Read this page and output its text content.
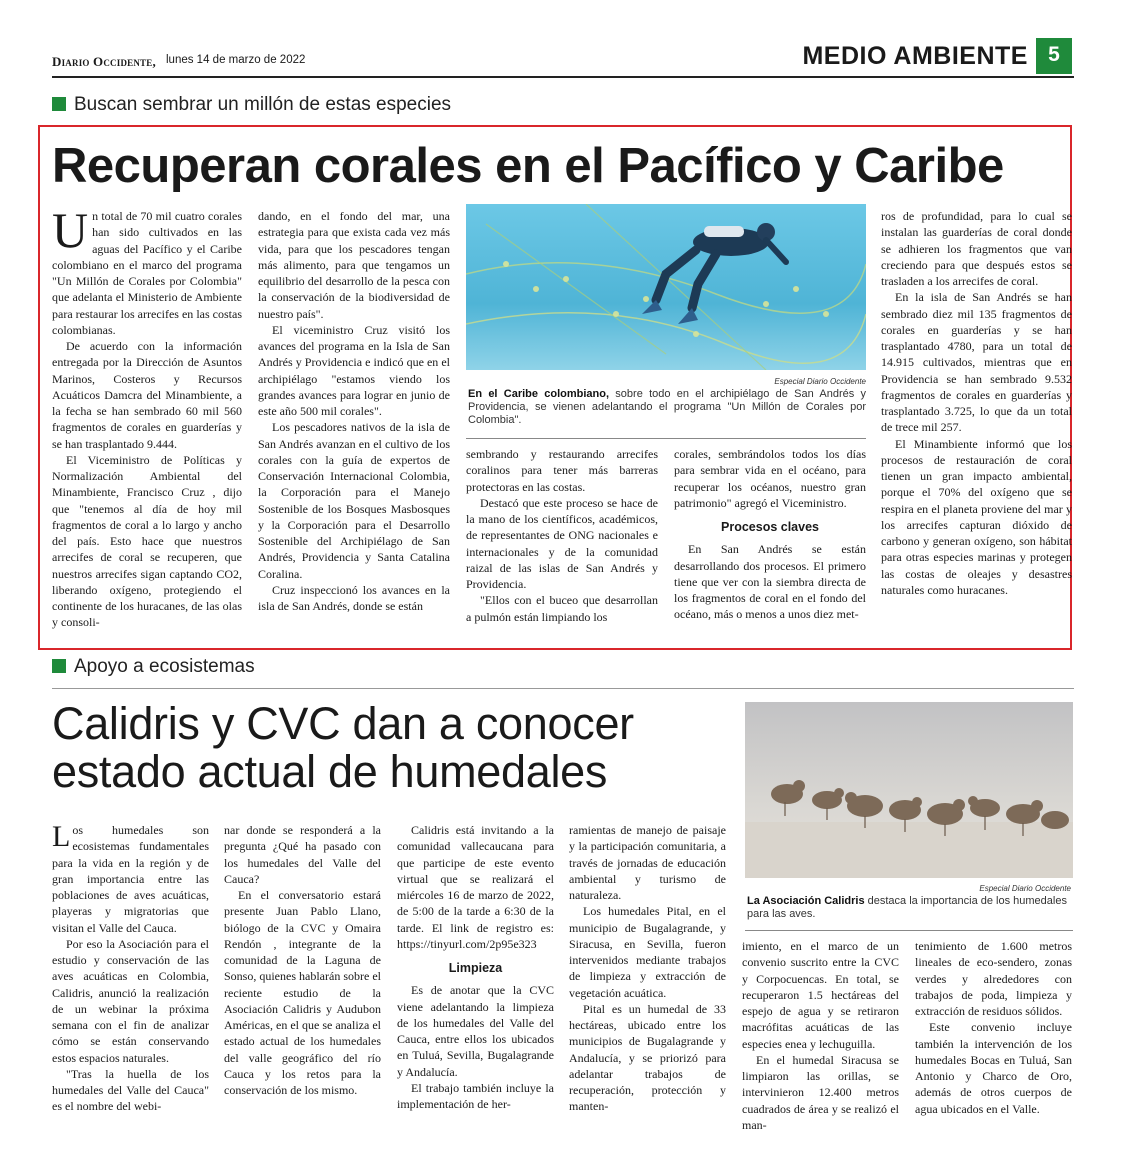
Diario Occidente, lunes 14 de marzo de 2022	MEDIO AMBIENTE 5
Buscan sembrar un millón de estas especies
Recuperan corales en el Pacífico y Caribe

Un total de 70 mil cuatro corales han sido cultivados en las aguas del Pacífico y el Caribe colombiano en el marco del programa "Un Millón de Corales por Colombia" que adelanta el Ministerio de Ambiente para restaurar los arrecifes en las costas colombianas.

De acuerdo con la información entregada por la Dirección de Asuntos Marinos, Costeros y Recursos Acuáticos Damcra del Minambiente, a la fecha se han sembrado 60 mil 560 fragmentos de corales en guarderías y se han trasplantado 9.444.

El Viceministro de Políticas y Normalización Ambiental del Minambiente, Francisco Cruz , dijo que "tenemos al día de hoy mil fragmentos de coral a lo largo y ancho del país. Esto hace que nuestros arrecifes de coral se recuperen, que nuestros arrecifes sigan captando CO2, liberando oxígeno, protegiendo el continente de los huracanes, de las olas y consoli-

dando, en el fondo del mar, una estrategia para que exista cada vez más vida, para que los pescadores tengan más alimento, para que tengamos un equilibrio del desarrollo de la pesca con la conservación de la biodiversidad de nuestro país".

El viceministro Cruz visitó los avances del programa en la Isla de San Andrés y Providencia e indicó que en el archipiélago "estamos viendo los grandes avances para lograr en junio de este año 500 mil corales".

Los pescadores nativos de la isla de San Andrés avanzan en el cultivo de los corales con la guía de expertos de Conservación Internacional Colombia, la Corporación para el Manejo Sostenible de los Bosques Masbosques y la Corporación para el Desarrollo Sostenible del Archipiélago de San Andrés, Providencia y Santa Catalina Coralina.

Cruz inspeccionó los avances en la isla de San Andrés, donde se están

Especial Diario Occidente
En el Caribe colombiano, sobre todo en el archipiélago de San Andrés y Providencia, se vienen adelantando el programa "Un Millón de Corales por Colombia".

sembrando y restaurando arrecifes coralinos para tener más barreras protectoras en las costas.

Destacó que este proceso se hace de la mano de los científicos, académicos, de representantes de ONG nacionales e internacionales y de la comunidad raizal de las islas de San Andrés y Providencia.

"Ellos con el buceo que desarrollan a pulmón están limpiando los

corales, sembrándolos todos los días para sembrar vida en el océano, para recuperar los océanos, nuestro gran patrimonio" agregó el Viceministro.

Procesos claves

En San Andrés se están desarrollando dos procesos. El primero tiene que ver con la siembra directa de los fragmentos de coral en el fondo del océano, más o menos a unos diez met-

ros de profundidad, para lo cual se instalan las guarderías de coral donde se adhieren los fragmentos que van creciendo para que después estos se trasladen a los arrecifes de coral.

En la isla de San Andrés se han sembrado diez mil 135 fragmentos de corales en guarderías y se han trasplantado 4780, para un total de 14.915 cultivados, mientras que en Providencia se han sembrado 9.532 fragmentos de corales en guarderías y trasplantado 3.725, lo que da un total de trece mil 257.

El Minambiente informó que los procesos de restauración de coral tienen un gran impacto ambiental, porque el 70% del oxígeno que se respira en el planeta proviene del mar y los arrecifes capturan dióxido de carbono y generan oxígeno, son hábitat para otras especies marinas y protegen las costas de oleajes y desastres naturales como huracanes.

Apoyo a ecosistemas
Calidris y CVC dan a conocer estado actual de humedales
Especial Diario Occidente
La Asociación Calidris destaca la importancia de los humedales para las aves.

Los humedales son ecosistemas fundamentales para la vida en la región y de gran importancia entre las poblaciones de aves acuáticas, playeras y migratorias que visitan el Valle del Cauca.

Por eso la Asociación para el estudio y conservación de las aves acuáticas en Colombia, Calidris, anunció la realización de un webinar la próxima semana con el fin de analizar cómo se están conservando estos espacios naturales.

"Tras la huella de los humedales del Valle del Cauca" es el nombre del webi-

nar donde se responderá a la pregunta ¿Qué ha pasado con los humedales del Valle del Cauca?

En el conversatorio estará presente Juan Pablo Llano, biólogo de la CVC y Omaira Rendón , integrante de la comunidad de la Laguna de Sonso, quienes hablarán sobre el reciente estudio de la Asociación Calidris y Audubon Américas, en el que se analiza el estado actual de los humedales del valle geográfico del río Cauca y los retos para la conservación de los mismo.

Calidris está invitando a la comunidad vallecaucana para que participe de este evento virtual que se realizará el miércoles 16 de marzo de 2022, de 5:00 de la tarde a 6:30 de la tarde. El link de registro es: https://tinyurl.com/2p95e323

Limpieza

Es de anotar que la CVC viene adelantando la limpieza de los humedales del Valle del Cauca, entre ellos los ubicados en Tuluá, Sevilla, Bugalagrande y Andalucía.

El trabajo también incluye la implementación de her-

ramientas de manejo de paisaje y la participación comunitaria, a través de jornadas de educación ambiental y turismo de naturaleza.

Los humedales Pital, en el municipio de Bugalagrande, y Siracusa, en Sevilla, fueron intervenidos mediante trabajos de limpieza y extracción de vegetación acuática.

Pital es un humedal de 33 hectáreas, ubicado entre los municipios de Bugalagrande y Andalucía, y se priorizó para adelantar trabajos de recuperación, protección y manten-

imiento, en el marco de un convenio suscrito entre la CVC y Corpocuencas. En total, se recuperaron 1.5 hectáreas del espejo de agua y se retiraron macrófitas acuáticas de las especies enea y lechuguilla.

En el humedal Siracusa se limpiaron las orillas, se intervinieron 12.400 metros cuadrados de área y se realizó el man-

tenimiento de 1.600 metros lineales de eco-sendero, zonas verdes y alrededores con trabajos de poda, limpieza y extracción de residuos sólidos.

Este convenio incluye también la intervención de los humedales Bocas en Tuluá, San Antonio y Charco de Oro, además de otros cuerpos de agua ubicados en el Valle.
